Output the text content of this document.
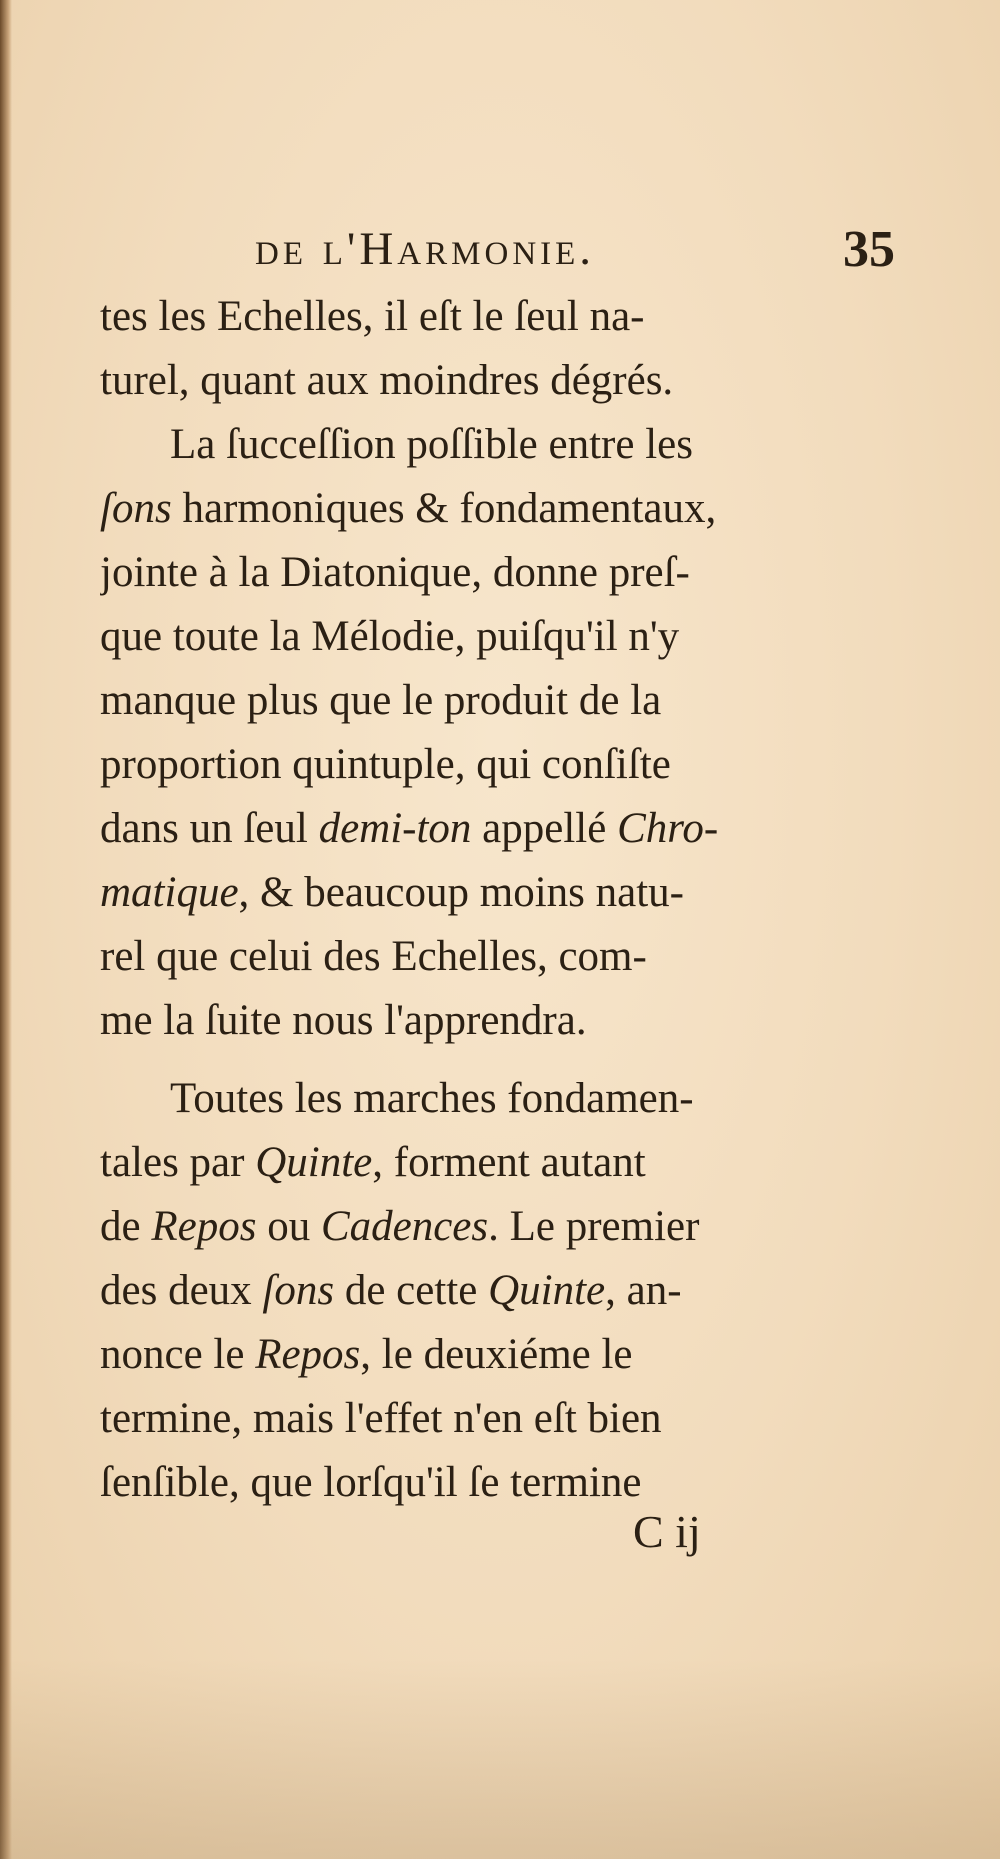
de l'Harmonie.	35
tes les Echelles, il eſt le ſeul na-
turel, quant aux moindres dégrés.
La ſucceſſion poſſible entre les
ſons harmoniques & fondamentaux,
jointe à la Diatonique, donne preſ-
que toute la Mélodie, puiſqu'il n'y
manque plus que le produit de la
proportion quintuple, qui conſiſte
dans un ſeul demi-ton appellé Chro-
matique, & beaucoup moins natu-
rel que celui des Echelles, com-
me la ſuite nous l'apprendra.
Toutes les marches fondamen-
tales par Quinte, forment autant
de Repos ou Cadences. Le premier
des deux ſons de cette Quinte, an-
nonce le Repos, le deuxiéme le
termine, mais l'effet n'en eſt bien
ſenſible, que lorſqu'il ſe termine
C ij
